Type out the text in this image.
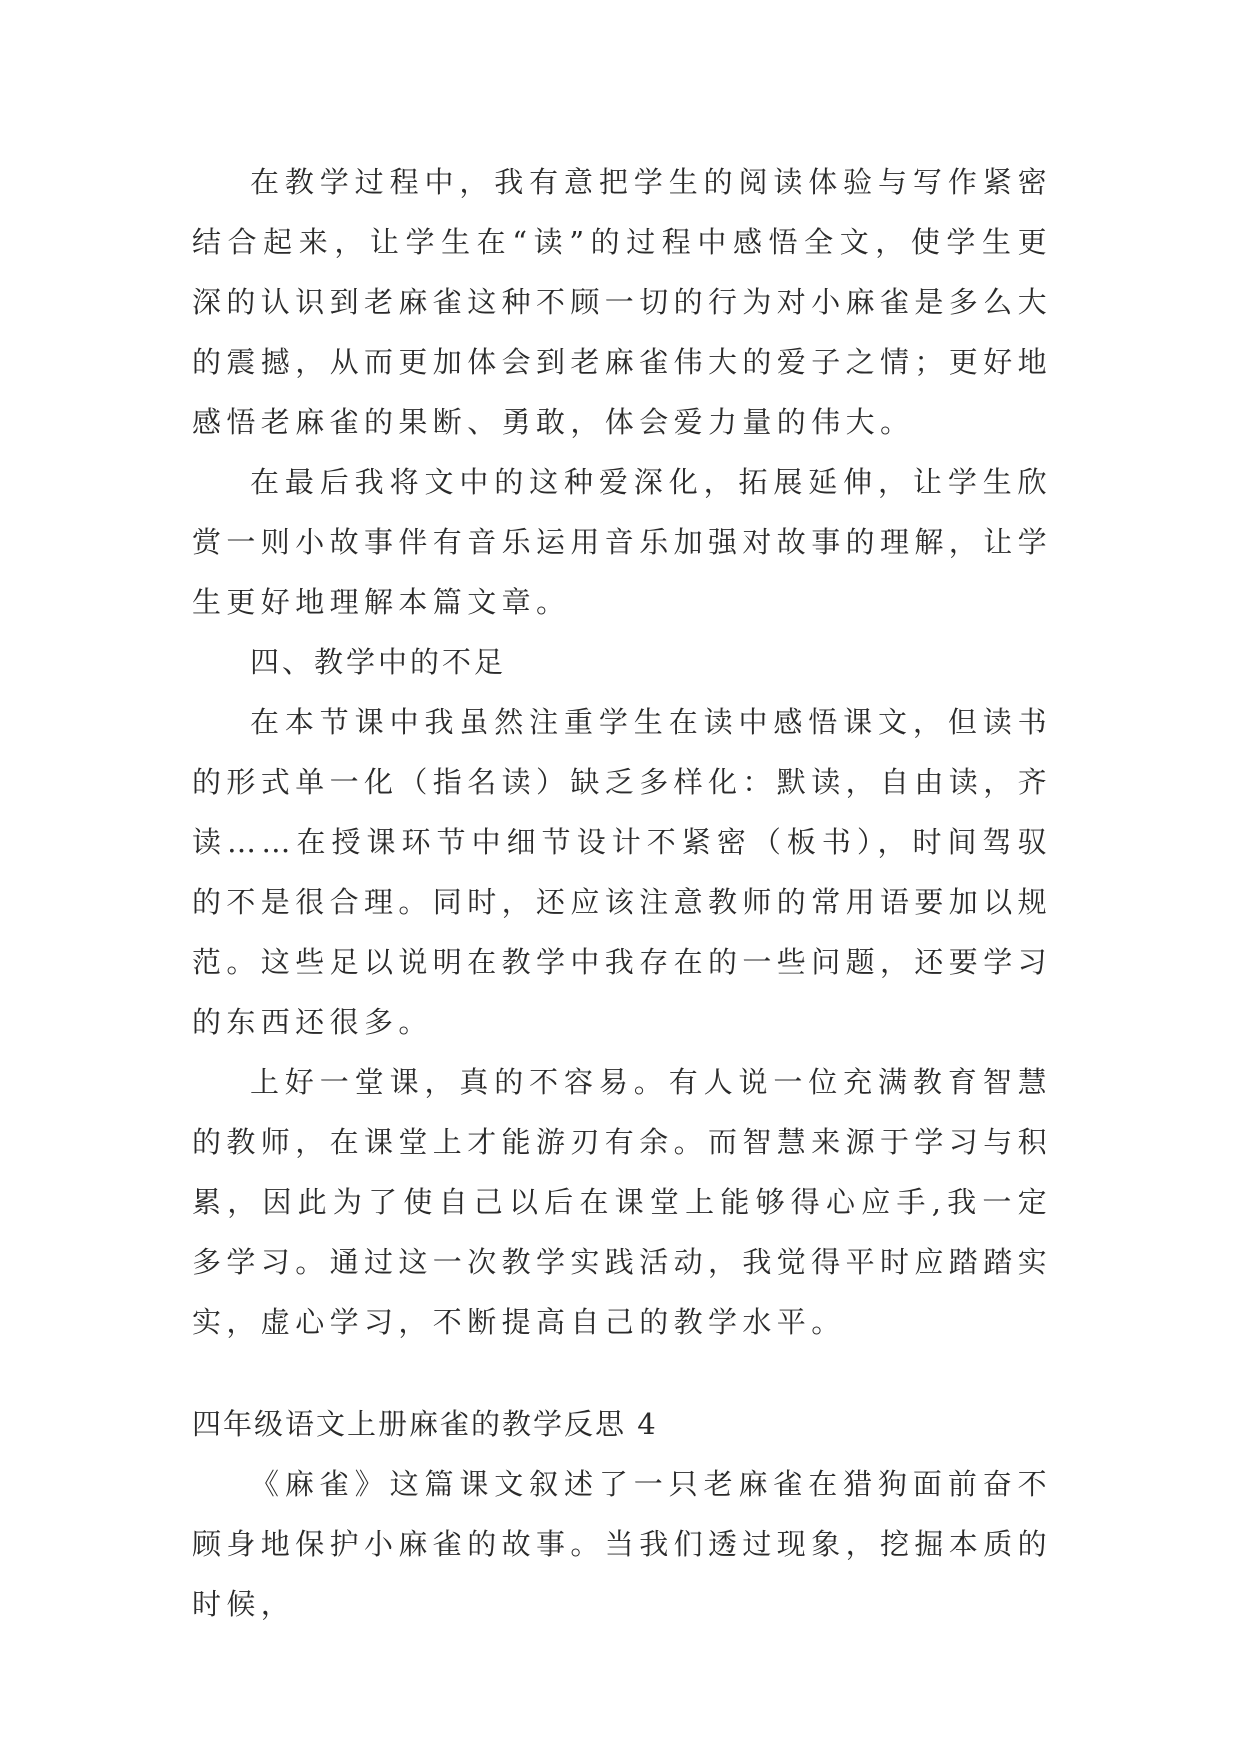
在教学过程中，我有意把学生的阅读体验与写作紧密结合起来，让学生在“读”的过程中感悟全文，使学生更深的认识到老麻雀这种不顾一切的行为对小麻雀是多么大的震撼，从而更加体会到老麻雀伟大的爱子之情；更好地感悟老麻雀的果断、勇敢，体会爱力量的伟大。

在最后我将文中的这种爱深化，拓展延伸，让学生欣赏一则小故事伴有音乐运用音乐加强对故事的理解，让学生更好地理解本篇文章。

四、教学中的不足

在本节课中我虽然注重学生在读中感悟课文，但读书的形式单一化（指名读）缺乏多样化：默读，自由读，齐读……在授课环节中细节设计不紧密（板书），时间驾驭的不是很合理。同时，还应该注意教师的常用语要加以规范。这些足以说明在教学中我存在的一些问题，还要学习的东西还很多。

上好一堂课，真的不容易。有人说一位充满教育智慧的教师，在课堂上才能游刃有余。而智慧来源于学习与积累，因此为了使自己以后在课堂上能够得心应手,我一定多学习。通过这一次教学实践活动，我觉得平时应踏踏实实，虚心学习，不断提高自己的教学水平。

四年级语文上册麻雀的教学反思 4

《麻雀》这篇课文叙述了一只老麻雀在猎狗面前奋不顾身地保护小麻雀的故事。当我们透过现象，挖掘本质的时候，
